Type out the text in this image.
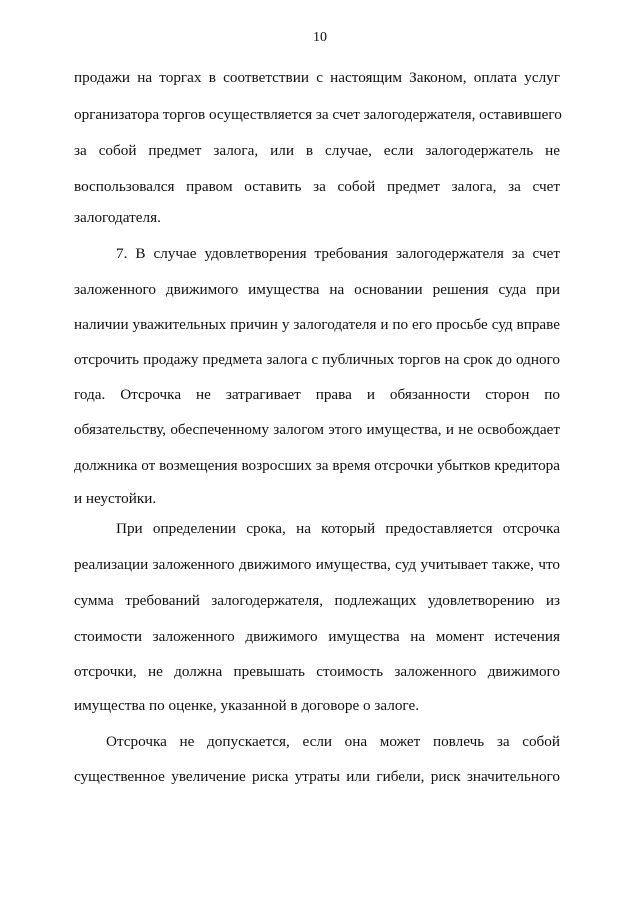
10
продажи на торгах в соответствии с настоящим Законом, оплата услуг
организатора торгов осуществляется за счет залогодержателя, оставившего
за собой предмет залога, или в случае, если залогодержатель не
воспользовался правом оставить за собой предмет залога, за счет
залогодателя.
7. В случае удовлетворения требования залогодержателя за счет
заложенного движимого имущества на основании решения суда при
наличии уважительных причин у залогодателя и по его просьбе суд вправе
отсрочить продажу предмета залога с публичных торгов на срок до одного
года. Отсрочка не затрагивает права и обязанности сторон по
обязательству, обеспеченному залогом этого имущества, и не освобождает
должника от возмещения возросших за время отсрочки убытков кредитора
и неустойки.
При определении срока, на который предоставляется отсрочка
реализации заложенного движимого имущества, суд учитывает также, что
сумма требований залогодержателя, подлежащих удовлетворению из
стоимости заложенного движимого имущества на момент истечения
отсрочки, не должна превышать стоимость заложенного движимого
имущества по оценке, указанной в договоре о залоге.
Отсрочка не допускается, если она может повлечь за собой
существенное увеличение риска утраты или гибели, риск значительного
